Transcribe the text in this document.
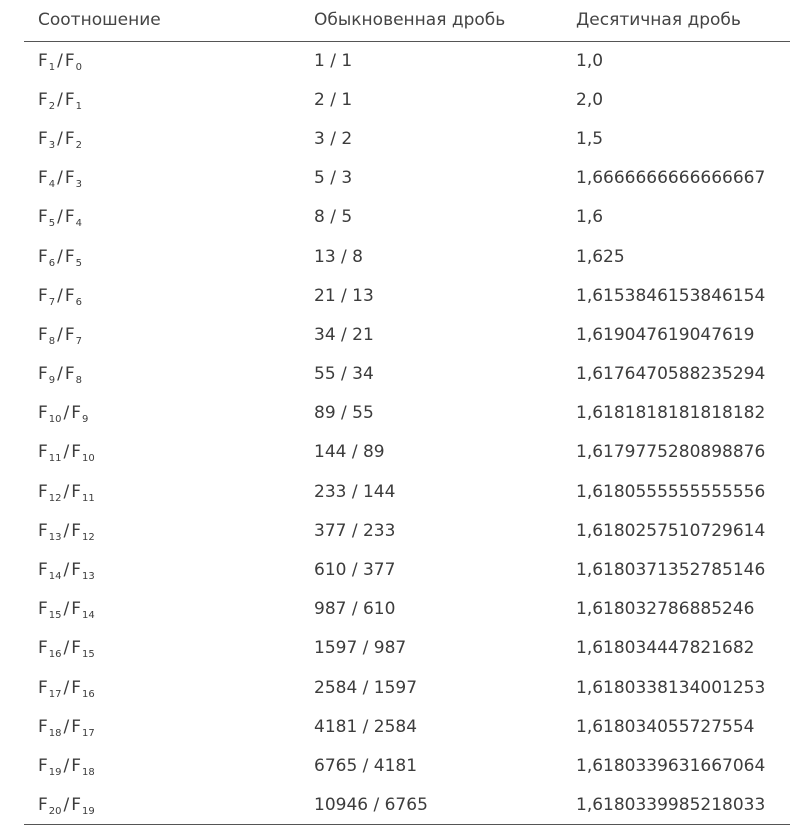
Соотношение	Обыкновенная дробь	Десятичная дробь
$F_1 / F_0$	1 / 1	1,0
$F_2 / F_1$	2 / 1	2,0
$F_3 / F_2$	3 / 2	1,5
$F_4 / F_3$	5 / 3	1,6666666666666667
$F_5 / F_4$	8 / 5	1,6
$F_6 / F_5$	13 / 8	1,625
$F_7 / F_6$	21 / 13	1,6153846153846154
$F_8 / F_7$	34 / 21	1,619047619047619
$F_9 / F_8$	55 / 34	1,6176470588235294
$F_{10} / F_9$	89 / 55	1,6181818181818182
$F_{11} / F_{10}$	144 / 89	1,6179775280898876
$F_{12} / F_{11}$	233 / 144	1,6180555555555556
$F_{13} / F_{12}$	377 / 233	1,6180257510729614
$F_{14} / F_{13}$	610 / 377	1,6180371352785146
$F_{15} / F_{14}$	987 / 610	1,618032786885246
$F_{16} / F_{15}$	1597 / 987	1,618034447821682
$F_{17} / F_{16}$	2584 / 1597	1,6180338134001253
$F_{18} / F_{17}$	4181 / 2584	1,618034055727554
$F_{19} / F_{18}$	6765 / 4181	1,6180339631667064
$F_{20} / F_{19}$	10946 / 6765	1,6180339985218033
